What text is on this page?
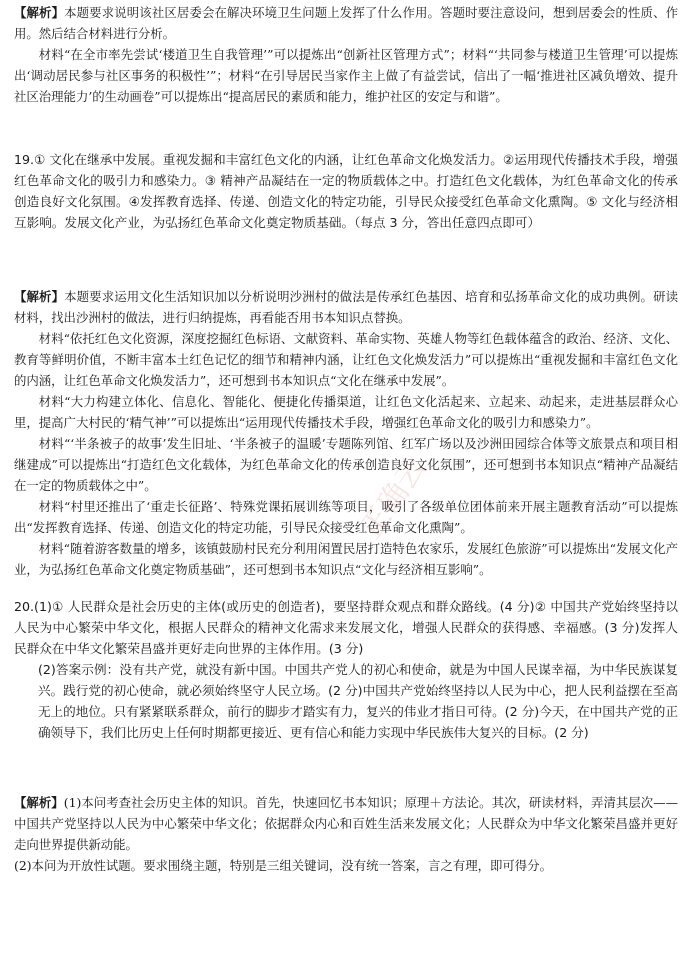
【解析】本题要求说明该社区居委会在解决环境卫生问题上发挥了什么作用。答题时要注意设问，想到居委会的性质、作用。然后结合材料进行分析。

材料“在全市率先尝试‘楼道卫生自我管理’”可以提炼出“创新社区管理方式”；材料“‘共同参与楼道卫生管理’可以提炼出‘调动居民参与社区事务的积极性’”；材料“在引导居民当家作主上做了有益尝试，信出了一幅‘推进社区减负增效、提升社区治理能力’的生动画卷”可以提炼出“提高居民的素质和能力，维护社区的安定与和谐”。

19.① 文化在继承中发展。重视发掘和丰富红色文化的内涵，让红色革命文化焕发活力。②运用现代传播技术手段，增强红色革命文化的吸引力和感染力。③ 精神产品凝结在一定的物质载体之中。打造红色文化载体，为红色革命文化的传承创造良好文化氛围。④发挥教育选择、传递、创造文化的特定功能，引导民众接受红色革命文化熏陶。⑤ 文化与经济相互影响。发展文化产业，为弘扬红色革命文化奠定物质基础。（每点 3 分，答出任意四点即可）

【解析】本题要求运用文化生活知识加以分析说明沙洲村的做法是传承红色基因、培育和弘扬革命文化的成功典例。研读材料，找出沙洲村的做法，进行归纳提炼，再看能否用书本知识点替换。

材料“依托红色文化资源，深度挖掘红色标语、文献资料、革命实物、英雄人物等红色载体蕴含的政治、经济、文化、教育等鲜明价值，不断丰富本土红色记忆的细节和精神内涵，让红色文化焕发活力”可以提炼出“重视发掘和丰富红色文化的内涵，让红色革命文化焕发活力”，还可想到书本知识点“文化在继承中发展”。

材料“大力构建立体化、信息化、智能化、便捷化传播渠道，让红色文化活起来、立起来、动起来，走进基层群众心里，提高广大村民的‘精气神’”可以提炼出“运用现代传播技术手段，增强红色革命文化的吸引力和感染力”。

材料“‘半条被子的故事’发生旧址、‘半条被子的温暖’专题陈列馆、红军广场以及沙洲田园综合体等文旅景点和项目相继建成”可以提炼出“打造红色文化载体，为红色革命文化的传承创造良好文化氛围”，还可想到书本知识点“精神产品凝结在一定的物质载体之中”。

材料“村里还推出了‘重走长征路’、特殊党课拓展训练等项目，吸引了各级单位团体前来开展主题教育活动”可以提炼出“发挥教育选择、传递、创造文化的特定功能，引导民众接受红色革命文化熏陶”。

材料“随着游客数量的增多，该镇鼓励村民充分利用闲置民居打造特色农家乐，发展红色旅游”可以提炼出“发展文化产业，为弘扬红色革命文化奠定物质基础”，还可想到书本知识点“文化与经济相互影响”。

20.(1)① 人民群众是社会历史的主体(或历史的创造者)，要坚持群众观点和群众路线。(4 分)② 中国共产党始终坚持以人民为中心繁荣中华文化，根据人民群众的精神文化需求来发展文化，增强人民群众的获得感、幸福感。(3 分)发挥人民群众在中华文化繁荣昌盛并更好走向世界的主体作用。(3 分)

(2)答案示例：没有共产党，就没有新中国。中国共产党人的初心和使命，就是为中国人民谋幸福，为中华民族谋复兴。践行党的初心使命，就必须始终坚守人民立场。(2 分)中国共产党始终坚持以人民为中心，把人民利益摆在至高无上的地位。只有紧紧联系群众，前行的脚步才踏实有力，复兴的伟业才指日可待。(2 分)今天，在中国共产党的正确领导下，我们比历史上任何时期都更接近、更有信心和能力实现中华民族伟大复兴的目标。(2 分)

【解析】(1)本问考查社会历史主体的知识。首先，快速回忆书本知识；原理＋方法论。其次，研读材料，弄清其层次——中国共产党坚持以人民为中心繁荣中华文化；依据群众内心和百姓生活来发展文化；人民群众为中华文化繁荣昌盛并更好走向世界提供新动能。

(2)本问为开放性试题。要求围绕主题，特别是三组关键词，没有统一答案，言之有理，即可得分。

正确云
